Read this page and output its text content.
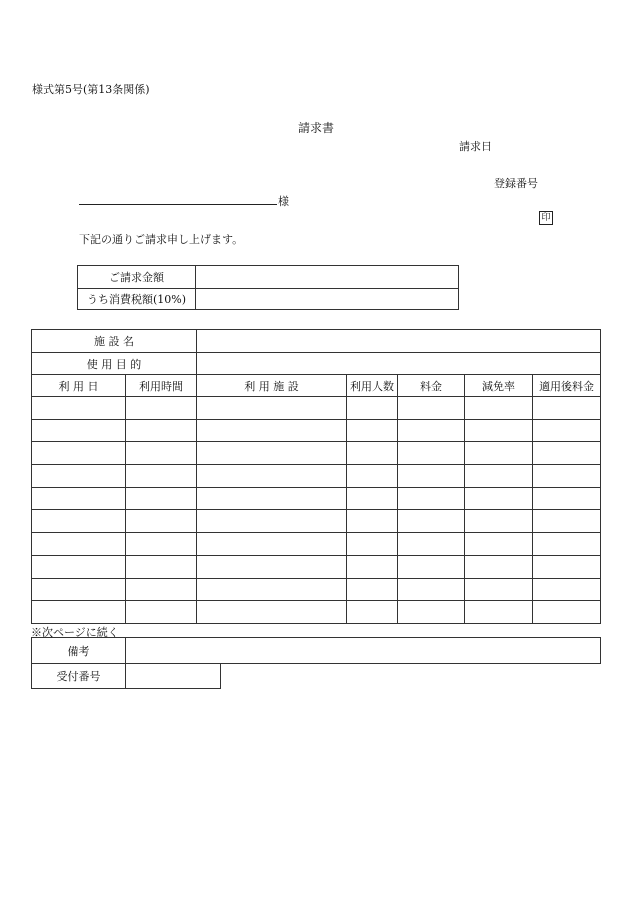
様式第5号(第13条関係)
請求書
請求日
登録番号
様
印
下記の通りご請求申し上げます。
ご請求金額	
うち消費税額(10%)	
施 設 名						
使 用 目 的						
利 用 日	利用時間	利 用 施 設	利用人数	料金	減免率	適用後料金

※次ページに続く
備考		
受付番号		
